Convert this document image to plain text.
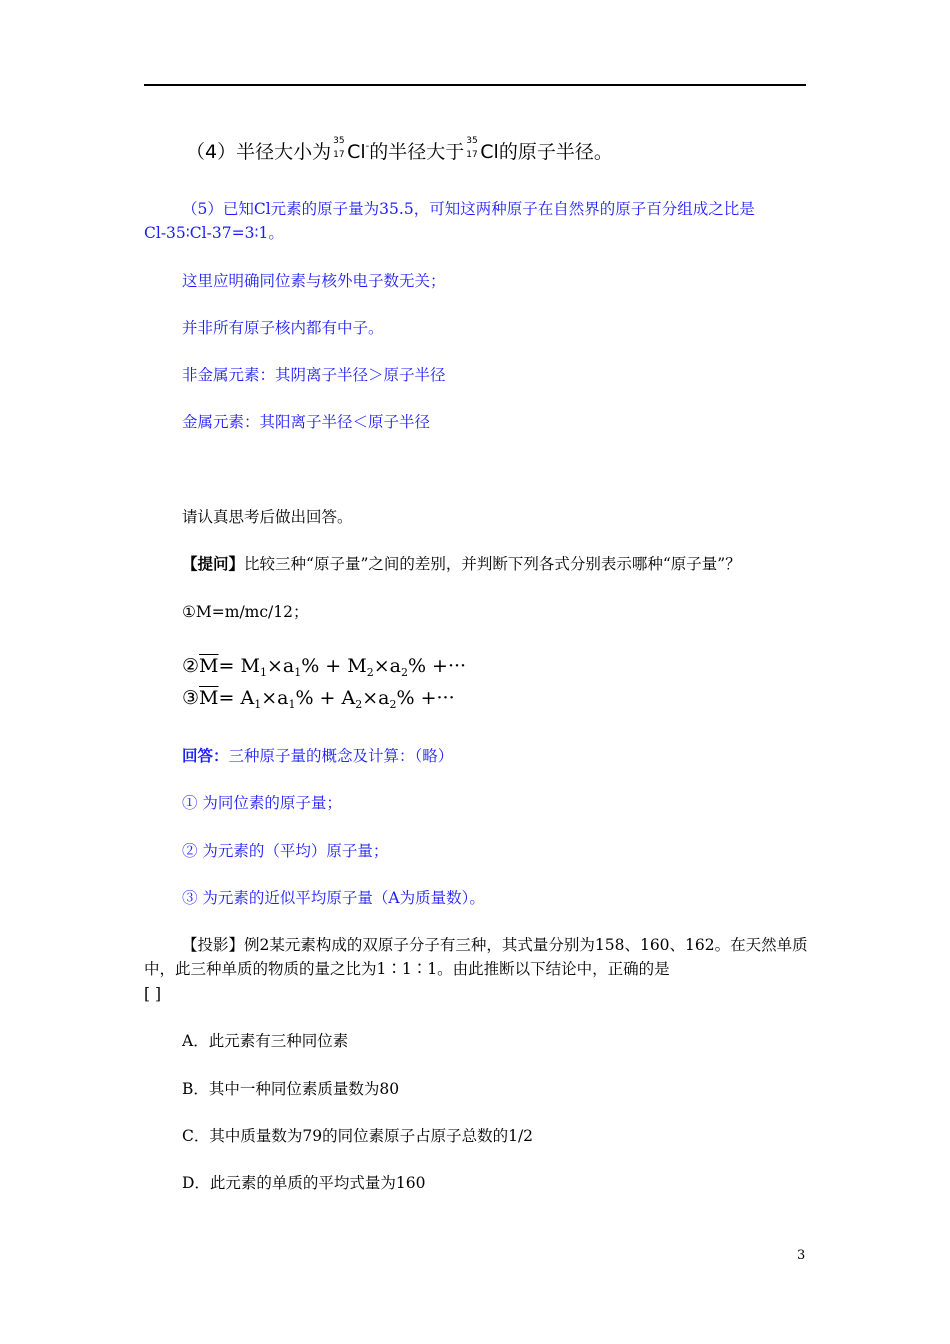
（4）半径大小为 35
17 Cl-的半径大于 35
17 Cl的原子半径。
（5）已知Cl元素的原子量为35.5，可知这两种原子在自然界的原子百分组成之比是
Cl-35∶Cl-37=3∶1。
这里应明确同位素与核外电子数无关；
并非所有原子核内都有中子。
非金属元素：其阴离子半径＞原子半径
金属元素：其阳离子半径＜原子半径
请认真思考后做出回答。
【提问】比较三种“原子量”之间的差别，并判断下列各式分别表示哪种“原子量”？
①M=m/mc/12；
$②\overline{M}= M_1\times a_1\% + M_2\times a_2\%$ +···
$③\overline{M}= A_1\times a_1\% + A_2\times a_2\%$ +···
回答：三种原子量的概念及计算：（略）
① 为同位素的原子量；
② 为元素的（平均）原子量；
③ 为元素的近似平均原子量（A为质量数）。
【投影】例2某元素构成的双原子分子有三种，其式量分别为158、160、162。在天然单质
中，此三种单质的物质的量之比为1∶1∶1。由此推断以下结论中，正确的是
[ ]
A．此元素有三种同位素
B．其中一种同位素质量数为80
C．其中质量数为79的同位素原子占原子总数的1/2
D．此元素的单质的平均式量为160
3
